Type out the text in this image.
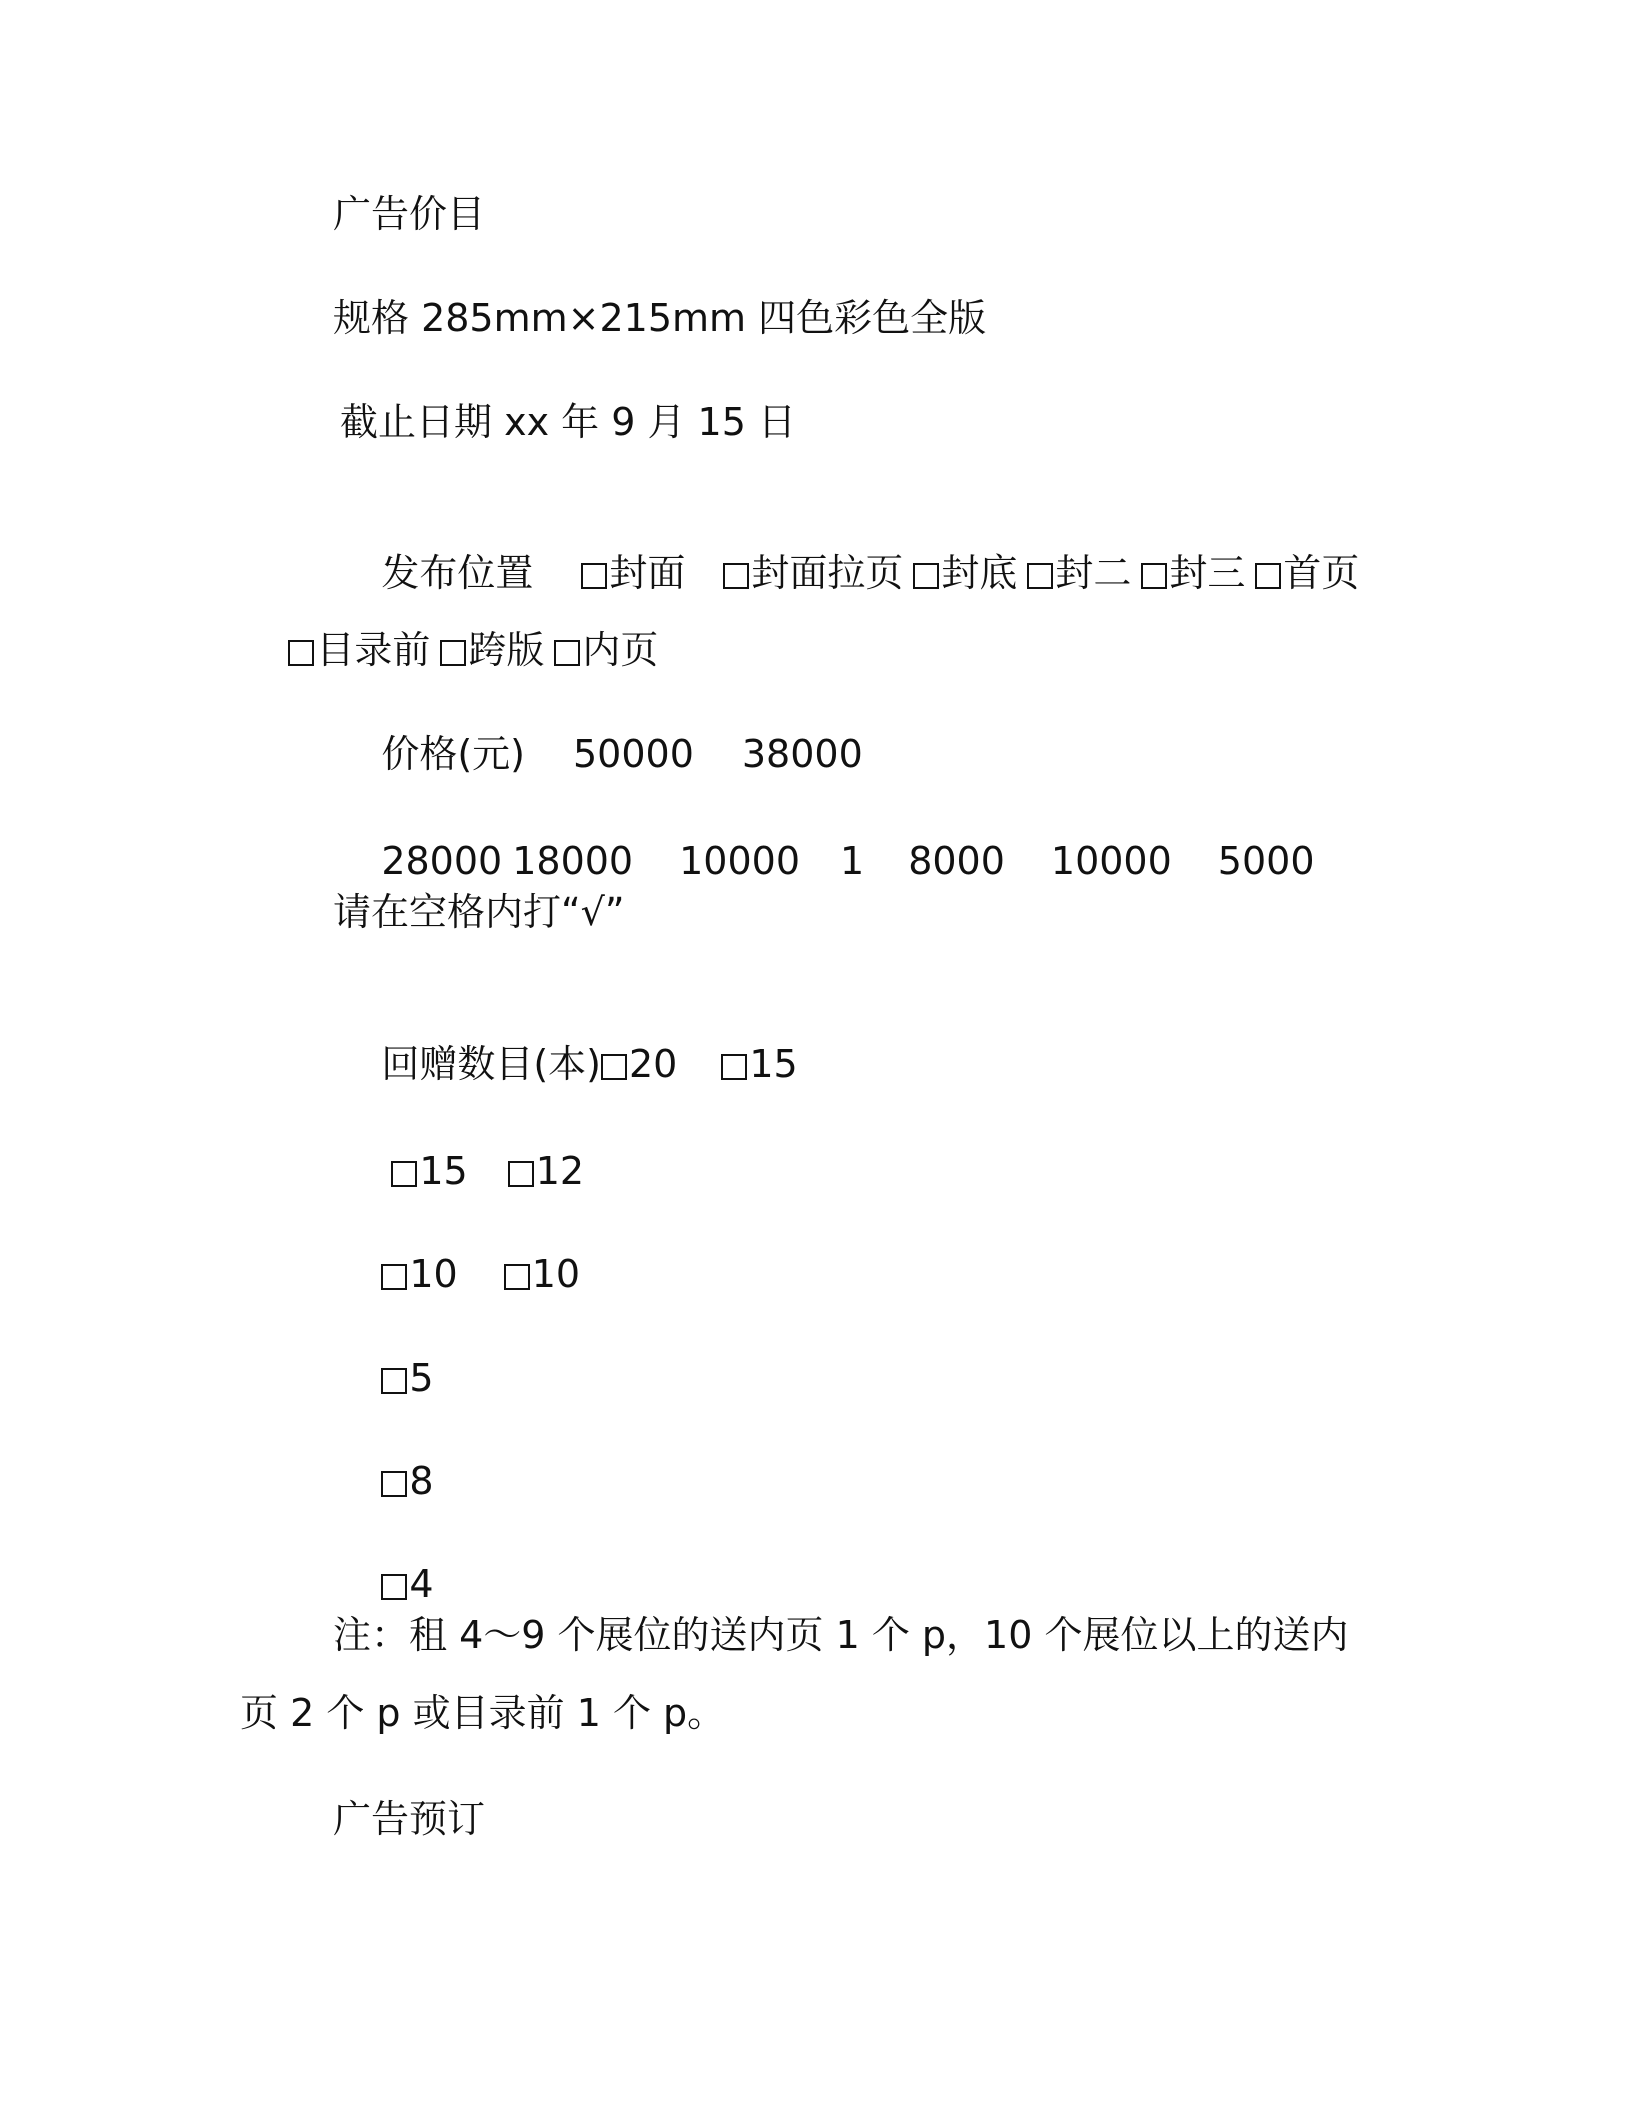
广告价目
规格 285mm×215mm 四色彩色全版
截止日期 xx 年 9 月 15 日

发布位置 封面 封面拉页 封底 封二 封三 首页

目录前 跨版 内页

价格(元) 50000 38000

28000 18000 10000 1 8000 10000 5000

请在空格内打“√”

回赠数目(本) 20 15

15 12

10 10

5

8

4

注：租 4～9 个展位的送内页 1 个 p，10 个展位以上的送内页 2 个 p 或目录前 1 个 p。
广告预订
